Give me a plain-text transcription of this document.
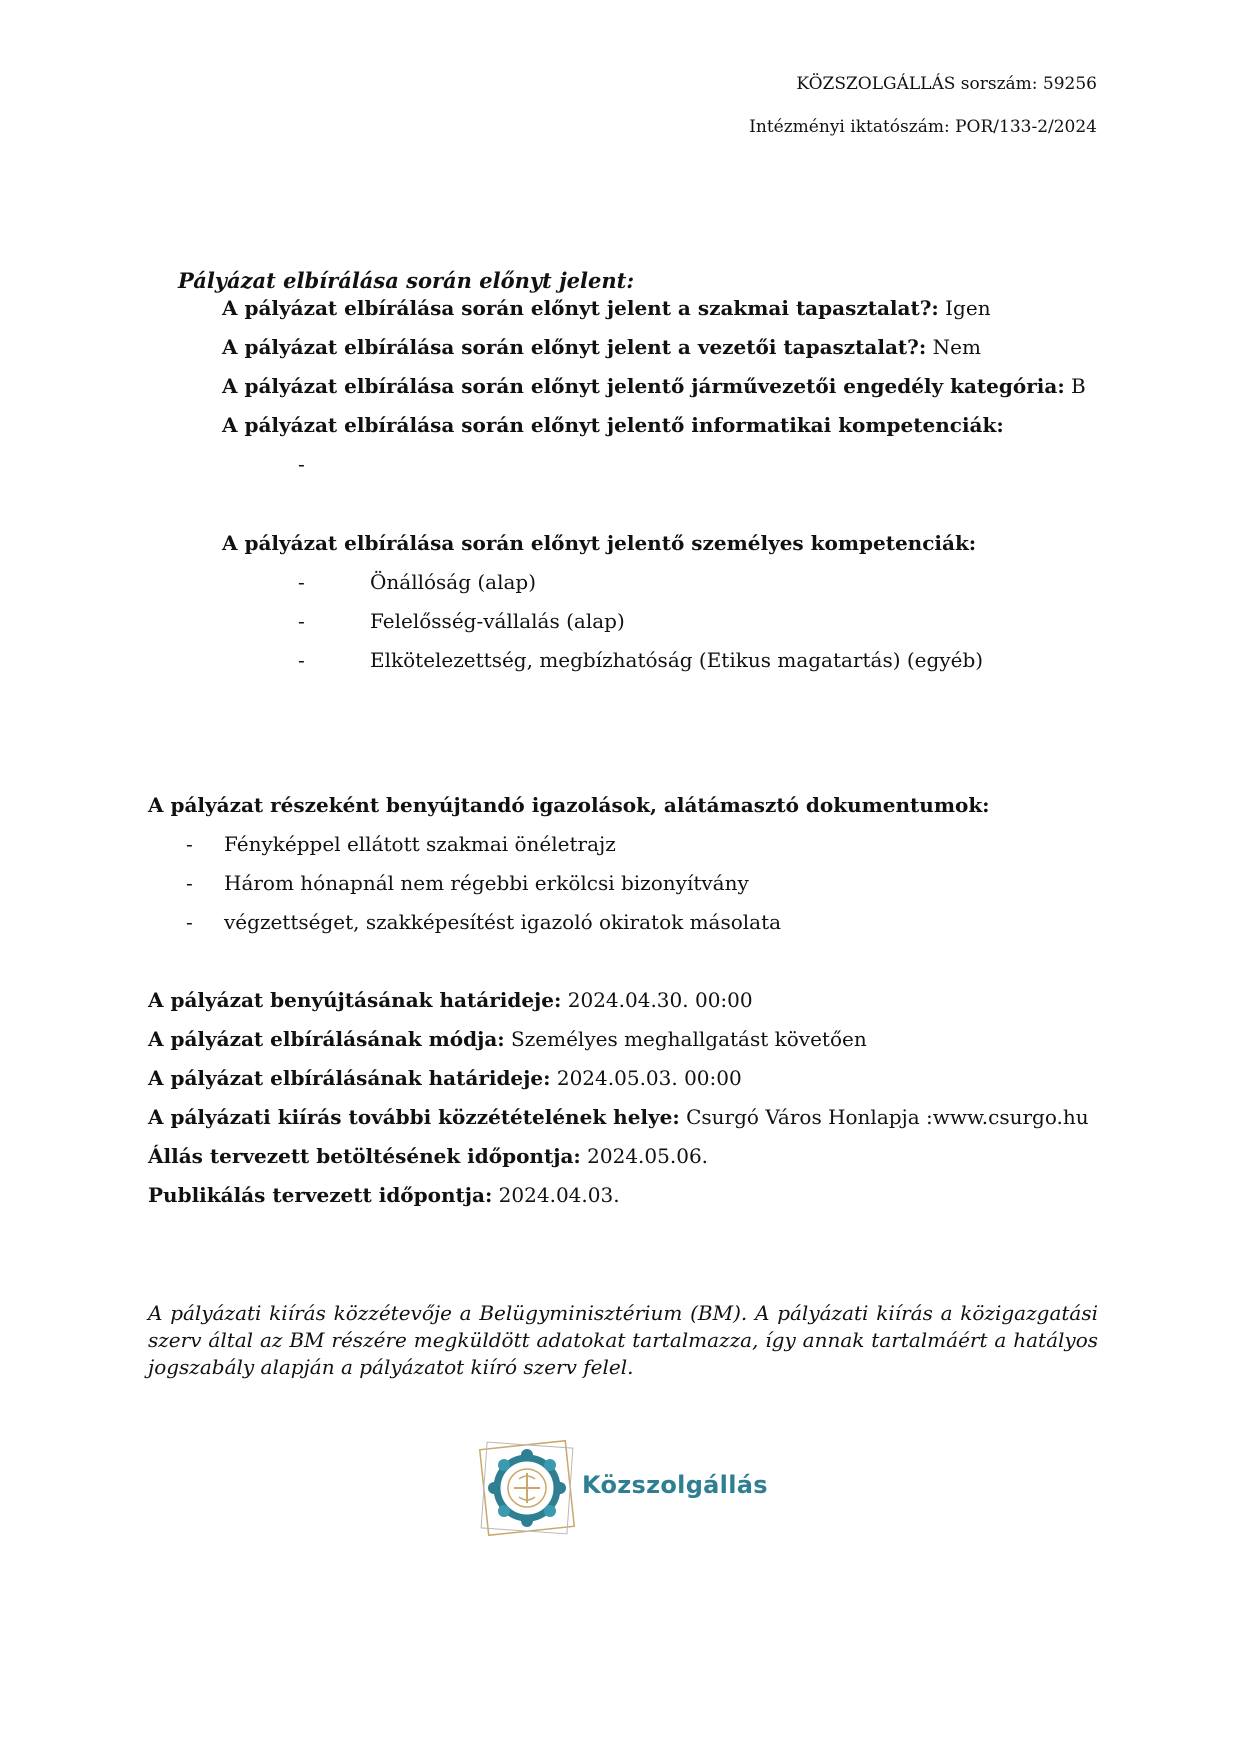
KÖZSZOLGÁLLÁS sorszám: 59256
Intézményi iktatószám: POR/133-2/2024
Pályázat elbírálása során előnyt jelent:
A pályázat elbírálása során előnyt jelent a szakmai tapasztalat?: Igen
A pályázat elbírálása során előnyt jelent a vezetői tapasztalat?: Nem
A pályázat elbírálása során előnyt jelentő járművezetői engedély kategória: B
A pályázat elbírálása során előnyt jelentő informatikai kompetenciák:
-
A pályázat elbírálása során előnyt jelentő személyes kompetenciák:
-	Önállóság (alap)
-	Felelősség-vállalás (alap)
-	Elkötelezettség, megbízhatóság (Etikus magatartás) (egyéb)
A pályázat részeként benyújtandó igazolások, alátámasztó dokumentumok:
- Fényképpel ellátott szakmai önéletrajz
- Három hónapnál nem régebbi erkölcsi bizonyítvány
- végzettséget, szakképesítést igazoló okiratok másolata
A pályázat benyújtásának határideje: 2024.04.30. 00:00
A pályázat elbírálásának módja: Személyes meghallgatást követően
A pályázat elbírálásának határideje: 2024.05.03. 00:00
A pályázati kiírás további közzétételének helye: Csurgó Város Honlapja :www.csurgo.hu
Állás tervezett betöltésének időpontja: 2024.05.06.
Publikálás tervezett időpontja: 2024.04.03.
A pályázati kiírás közzétevője a Belügyminisztérium (BM). A pályázati kiírás a közigazgatási szerv által az BM részére megküldött adatokat tartalmazza, így annak tartalmáért a hatályos jogszabály alapján a pályázatot kiíró szerv felel.
Közszolgállás
